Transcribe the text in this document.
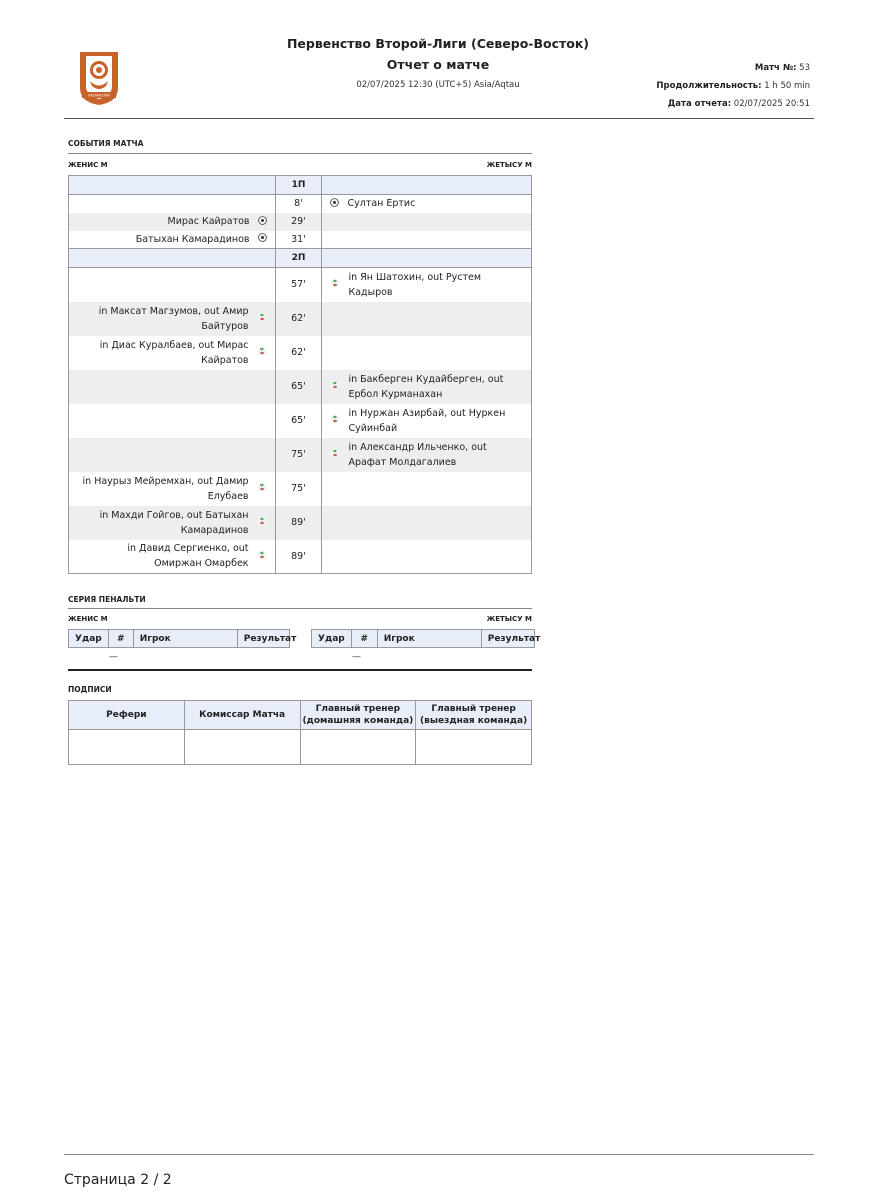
KAZAKHSTAN
Первенство Второй-Лиги (Северо-Восток)
Отчет о матче
02/07/2025 12:30 (UTC+5) Asia/Aqtau
Матч №: 53
Продолжительность: 1 h 50 min
Дата отчета: 02/07/2025 20:51
СОБЫТИЯ МАТЧА
ЖЕНИС М	ЖЕТЫСУ М
	1П	
	8'	Султан Ертис

Мирас Кайратов	29'	

Батыхан Камарадинов	31'	
	2П	
	57'	in Ян Шатохин, out Рустем Кадыров

in Максат Магзумов, out Амир Байтуров	62'	

in Диас Куралбаев, out Мирас Кайратов	62'	
	65'	in Бакберген Кудайберген, out Ербол Курманахан

	65'	in Нуржан Азирбай, out Нуркен Суйинбай

	75'	in Александр Ильченко, out Арафат Молдагалиев

in Наурыз Мейремхан, out Дамир Елубаев	75'	

in Махди Гойгов, out Батыхан Камарадинов	89'	

in Давид Сергиенко, out Омиржан Омарбек	89'	
СЕРИЯ ПЕНАЛЬТИ
ЖЕНИС М	ЖЕТЫСУ М
Удар	#	Игрок	Результат Удар	#	Игрок	Результат
—	—
ПОДПИСИ
Рефери	Комиссар Матча	Главный тренер
(домашняя команда)	Главный тренер
(выездная команда)

Страница 2 / 2
